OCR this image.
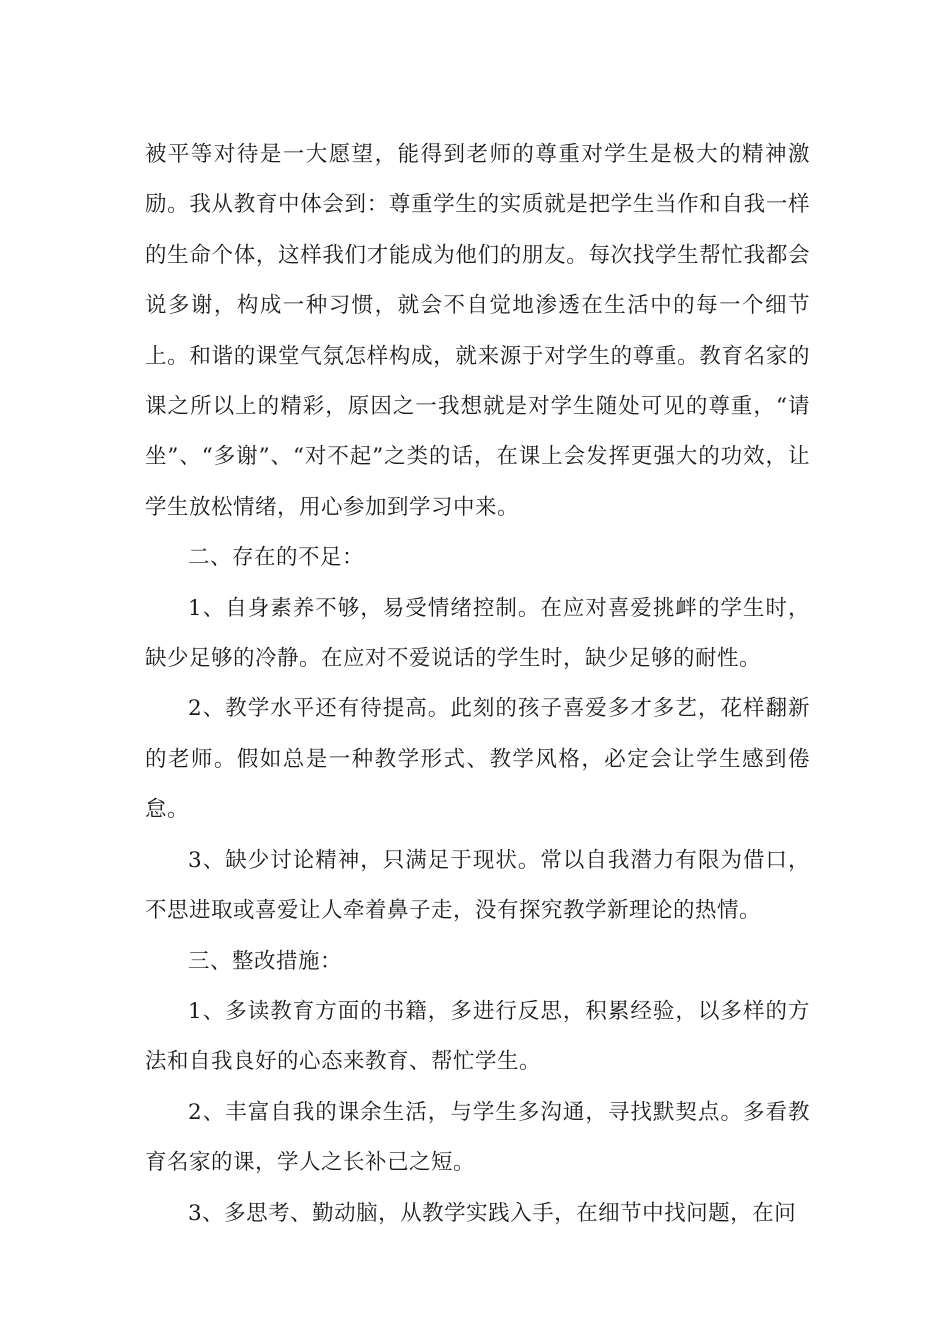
被平等对待是一大愿望，能得到老师的尊重对学生是极大的精神激励。我从教育中体会到：尊重学生的实质就是把学生当作和自我一样的生命个体，这样我们才能成为他们的朋友。每次找学生帮忙我都会说多谢，构成一种习惯，就会不自觉地渗透在生活中的每一个细节上。和谐的课堂气氛怎样构成，就来源于对学生的尊重。教育名家的课之所以上的精彩，原因之一我想就是对学生随处可见的尊重，“请坐”、“多谢”、“对不起”之类的话，在课上会发挥更强大的功效，让学生放松情绪，用心参加到学习中来。

二、存在的不足：

1、自身素养不够，易受情绪控制。在应对喜爱挑衅的学生时，缺少足够的冷静。在应对不爱说话的学生时，缺少足够的耐性。

2、教学水平还有待提高。此刻的孩子喜爱多才多艺，花样翻新的老师。假如总是一种教学形式、教学风格，必定会让学生感到倦怠。

3、缺少讨论精神，只满足于现状。常以自我潜力有限为借口，不思进取或喜爱让人牵着鼻子走，没有探究教学新理论的热情。

三、整改措施：

1、多读教育方面的书籍，多进行反思，积累经验，以多样的方法和自我良好的心态来教育、帮忙学生。

2、丰富自我的课余生活，与学生多沟通，寻找默契点。多看教育名家的课，学人之长补己之短。

3、多思考、勤动脑，从教学实践入手，在细节中找问题，在问
